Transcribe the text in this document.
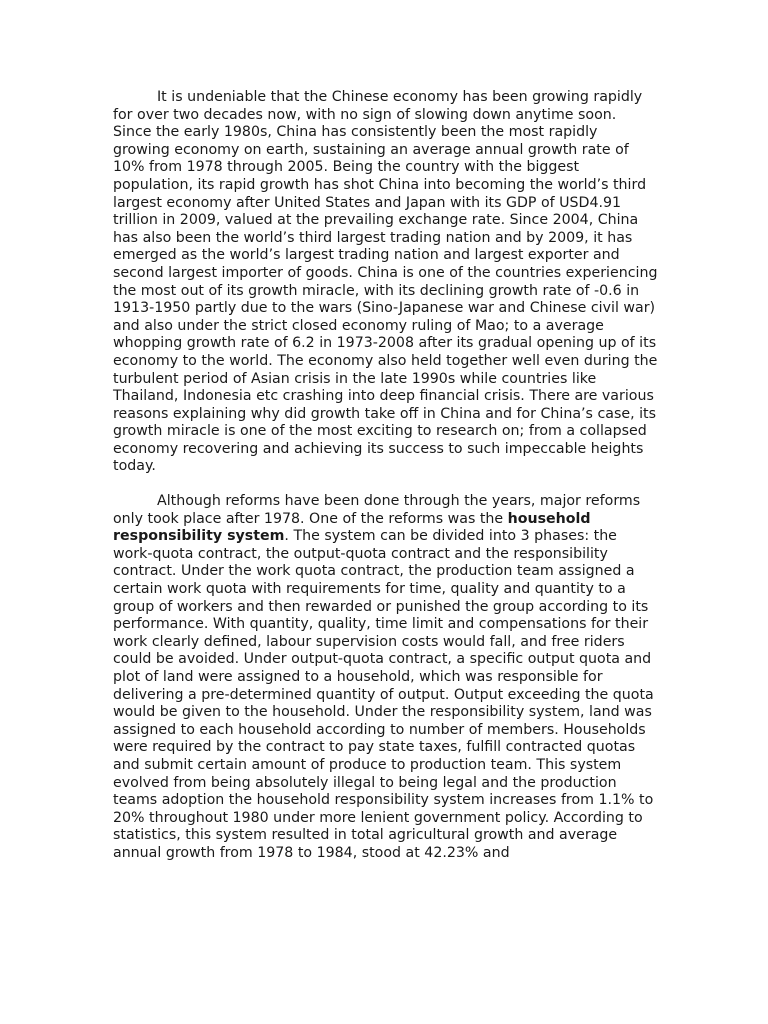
It is undeniable that the Chinese economy has been growing rapidly for over two decades now, with no sign of slowing down anytime soon. Since the early 1980s, China has consistently been the most rapidly growing economy on earth, sustaining an average annual growth rate of 10% from 1978 through 2005. Being the country with the biggest population, its rapid growth has shot China into becoming the world’s third largest economy after United States and Japan with its GDP of USD4.91 trillion in 2009, valued at the prevailing exchange rate. Since 2004, China has also been the world’s third largest trading nation and by 2009, it has emerged as the world’s largest trading nation and largest exporter and second largest importer of goods. China is one of the countries experiencing the most out of its growth miracle, with its declining growth rate of -0.6 in 1913-1950 partly due to the wars (Sino-Japanese war and Chinese civil war) and also under the strict closed economy ruling of Mao; to a average whopping growth rate of 6.2 in 1973-2008 after its gradual opening up of its economy to the world. The economy also held together well even during the turbulent period of Asian crisis in the late 1990s while countries like Thailand, Indonesia etc crashing into deep financial crisis. There are various reasons explaining why did growth take off in China and for China’s case, its growth miracle is one of the most exciting to research on; from a collapsed economy recovering and achieving its success to such impeccable heights today.

Although reforms have been done through the years, major reforms only took place after 1978. One of the reforms was the household responsibility system. The system can be divided into 3 phases: the work-quota contract, the output-quota contract and the responsibility contract. Under the work quota contract, the production team assigned a certain work quota with requirements for time, quality and quantity to a group of workers and then rewarded or punished the group according to its performance. With quantity, quality, time limit and compensations for their work clearly defined, labour supervision costs would fall, and free riders could be avoided. Under output-quota contract, a specific output quota and plot of land were assigned to a household, which was responsible for delivering a pre-determined quantity of output. Output exceeding the quota would be given to the household. Under the responsibility system, land was assigned to each household according to number of members. Households were required by the contract to pay state taxes, fulfill contracted quotas and submit certain amount of produce to production team. This system evolved from being absolutely illegal to being legal and the production teams adoption the household responsibility system increases from 1.1% to 20% throughout 1980 under more lenient government policy. According to statistics, this system resulted in total agricultural growth and average annual growth from 1978 to 1984, stood at 42.23% and
